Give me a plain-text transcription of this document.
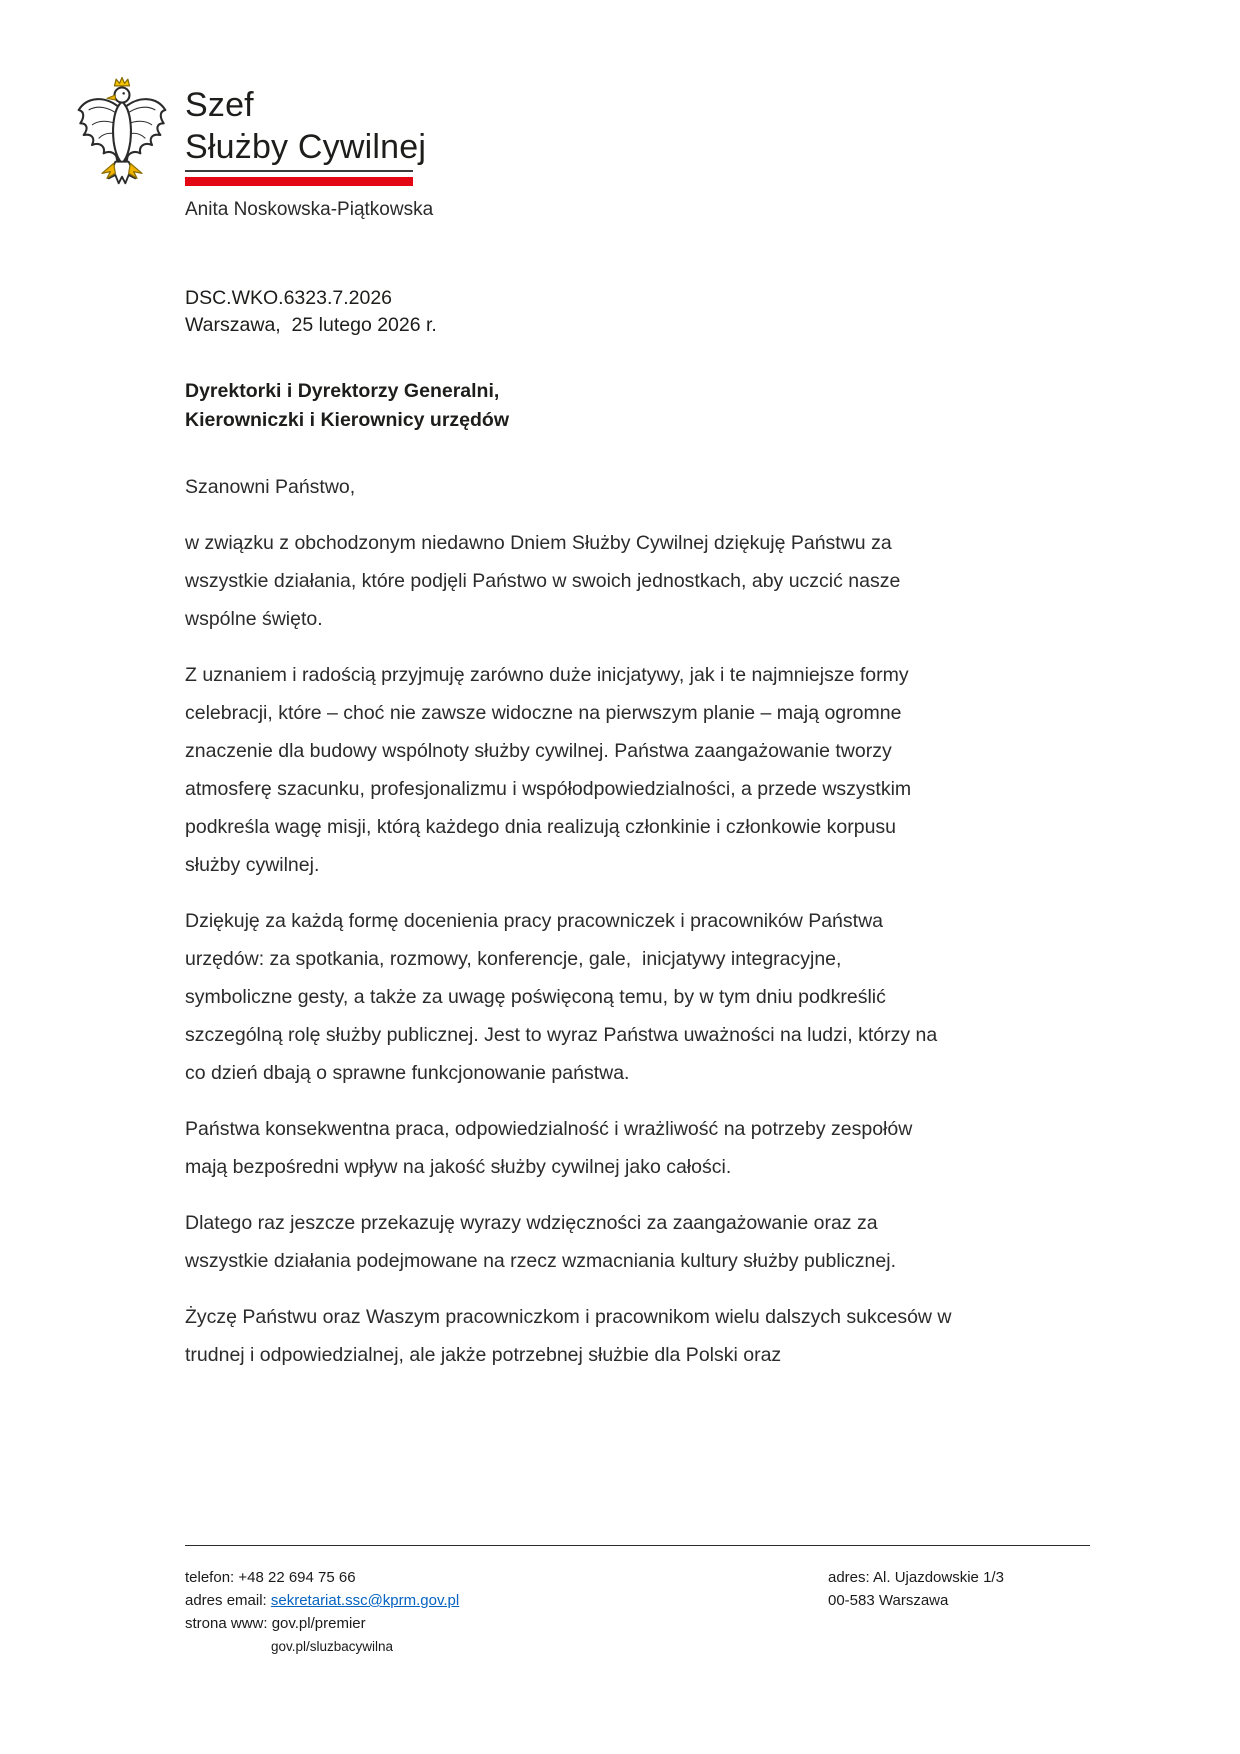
Szef
Służby Cywilnej
Anita Noskowska-Piątkowska
DSC.WKO.6323.7.2026
Warszawa,  25 lutego 2026 r.
Dyrektorki i Dyrektorzy Generalni,
Kierowniczki i Kierownicy urzędów

Szanowni Państwo,

w związku z obchodzonym niedawno Dniem Służby Cywilnej dziękuję Państwu za wszystkie działania, które podjęli Państwo w swoich jednostkach, aby uczcić nasze wspólne święto.

Z uznaniem i radością przyjmuję zarówno duże inicjatywy, jak i te najmniejsze formy celebracji, które – choć nie zawsze widoczne na pierwszym planie – mają ogromne znaczenie dla budowy wspólnoty służby cywilnej. Państwa zaangażowanie tworzy atmosferę szacunku, profesjonalizmu i współodpowiedzialności, a przede wszystkim podkreśla wagę misji, którą każdego dnia realizują członkinie i członkowie korpusu służby cywilnej.

Dziękuję za każdą formę docenienia pracy pracowniczek i pracowników Państwa urzędów: za spotkania, rozmowy, konferencje, gale,  inicjatywy integracyjne, symboliczne gesty, a także za uwagę poświęconą temu, by w tym dniu podkreślić szczególną rolę służby publicznej. Jest to wyraz Państwa uważności na ludzi, którzy na co dzień dbają o sprawne funkcjonowanie państwa.

Państwa konsekwentna praca, odpowiedzialność i wrażliwość na potrzeby zespołów mają bezpośredni wpływ na jakość służby cywilnej jako całości.

Dlatego raz jeszcze przekazuję wyrazy wdzięczności za zaangażowanie oraz za wszystkie działania podejmowane na rzecz wzmacniania kultury służby publicznej.

Życzę Państwu oraz Waszym pracowniczkom i pracownikom wielu dalszych sukcesów w trudnej i odpowiedzialnej, ale jakże potrzebnej służbie dla Polski oraz

telefon: +48 22 694 75 66
adres email: sekretariat.ssc@kprm.gov.pl
strona www: gov.pl/premier
gov.pl/sluzbacywilna
adres: Al. Ujazdowskie 1/3
00-583 Warszawa
